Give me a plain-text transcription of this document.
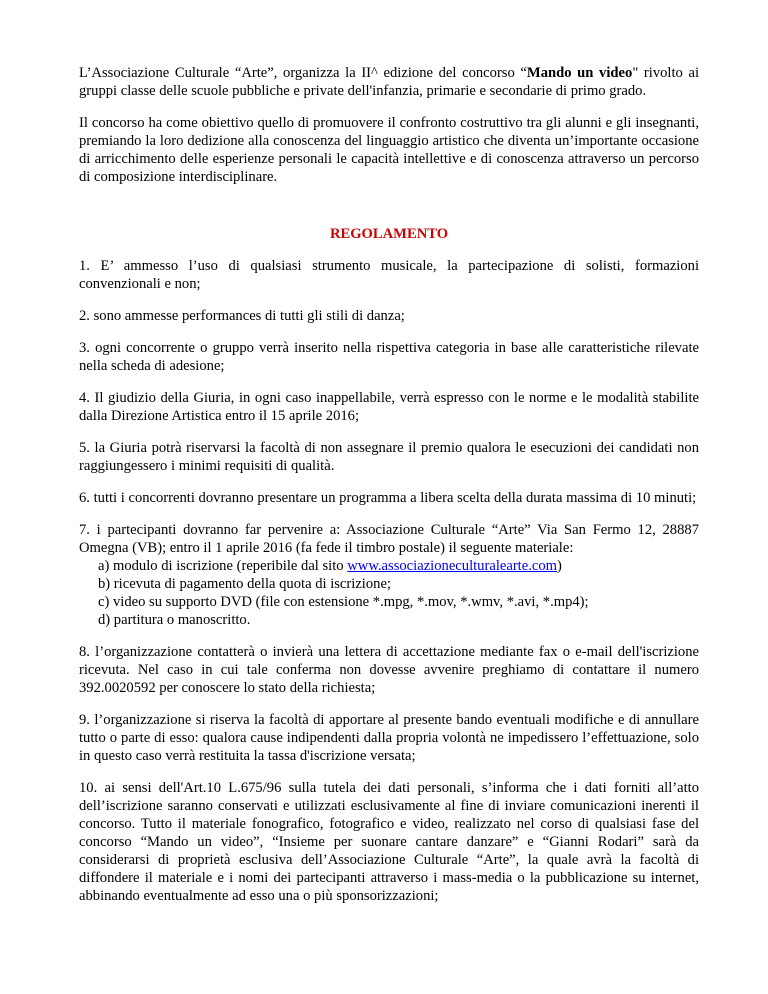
L’Associazione Culturale “Arte”, organizza la II^ edizione del concorso “Mando un video" rivolto ai gruppi classe delle scuole pubbliche e private dell'infanzia, primarie e secondarie di primo grado.

Il concorso ha come obiettivo quello di promuovere il confronto costruttivo tra gli alunni e gli insegnanti, premiando la loro dedizione alla conoscenza del linguaggio artistico che diventa un’importante occasione di arricchimento delle esperienze personali le capacità intellettive e di conoscenza attraverso un percorso di composizione interdisciplinare.

REGOLAMENTO

1. E’ ammesso l’uso di qualsiasi strumento musicale, la partecipazione di solisti, formazioni convenzionali e non;

2. sono ammesse performances di tutti gli stili di danza;

3. ogni concorrente o gruppo verrà inserito nella rispettiva categoria in base alle caratteristiche rilevate nella scheda di adesione;

4. Il giudizio della Giuria, in ogni caso inappellabile, verrà espresso con le norme e le modalità stabilite dalla Direzione Artistica entro il 15 aprile 2016;

5. la Giuria potrà riservarsi la facoltà di non assegnare il premio qualora le esecuzioni dei candidati non raggiungessero i minimi requisiti di qualità.

6. tutti i concorrenti dovranno presentare un programma a libera scelta della durata massima di 10 minuti;

7. i partecipanti dovranno far pervenire a: Associazione Culturale “Arte” Via San Fermo 12, 28887 Omegna (VB); entro il 1 aprile 2016 (fa fede il timbro postale) il seguente materiale:
a) modulo di iscrizione (reperibile dal sito www.associazioneculturalearte.com)
b) ricevuta di pagamento della quota di iscrizione;
c) video su supporto DVD (file con estensione *.mpg, *.mov, *.wmv, *.avi, *.mp4);
d) partitura o manoscritto.

8. l’organizzazione contatterà o invierà una lettera di accettazione mediante fax o e-mail dell'iscrizione ricevuta. Nel caso in cui tale conferma non dovesse avvenire preghiamo di contattare il numero 392.0020592 per conoscere lo stato della richiesta;

9. l’organizzazione si riserva la facoltà di apportare al presente bando eventuali modifiche e di annullare tutto o parte di esso: qualora cause indipendenti dalla propria volontà ne impedissero l’effettuazione, solo in questo caso verrà restituita la tassa d'iscrizione versata;

10. ai sensi dell'Art.10 L.675/96 sulla tutela dei dati personali, s’informa che i dati forniti all’atto dell’iscrizione saranno conservati e utilizzati esclusivamente al fine di inviare comunicazioni inerenti il concorso. Tutto il materiale fonografico, fotografico e video, realizzato nel corso di qualsiasi fase del concorso “Mando un video”, “Insieme per suonare cantare danzare” e “Gianni Rodari” sarà da considerarsi di proprietà esclusiva dell’Associazione Culturale “Arte”, la quale avrà la facoltà di diffondere il materiale e i nomi dei partecipanti attraverso i mass-media o la pubblicazione su internet, abbinando eventualmente ad esso una o più sponsorizzazioni;
